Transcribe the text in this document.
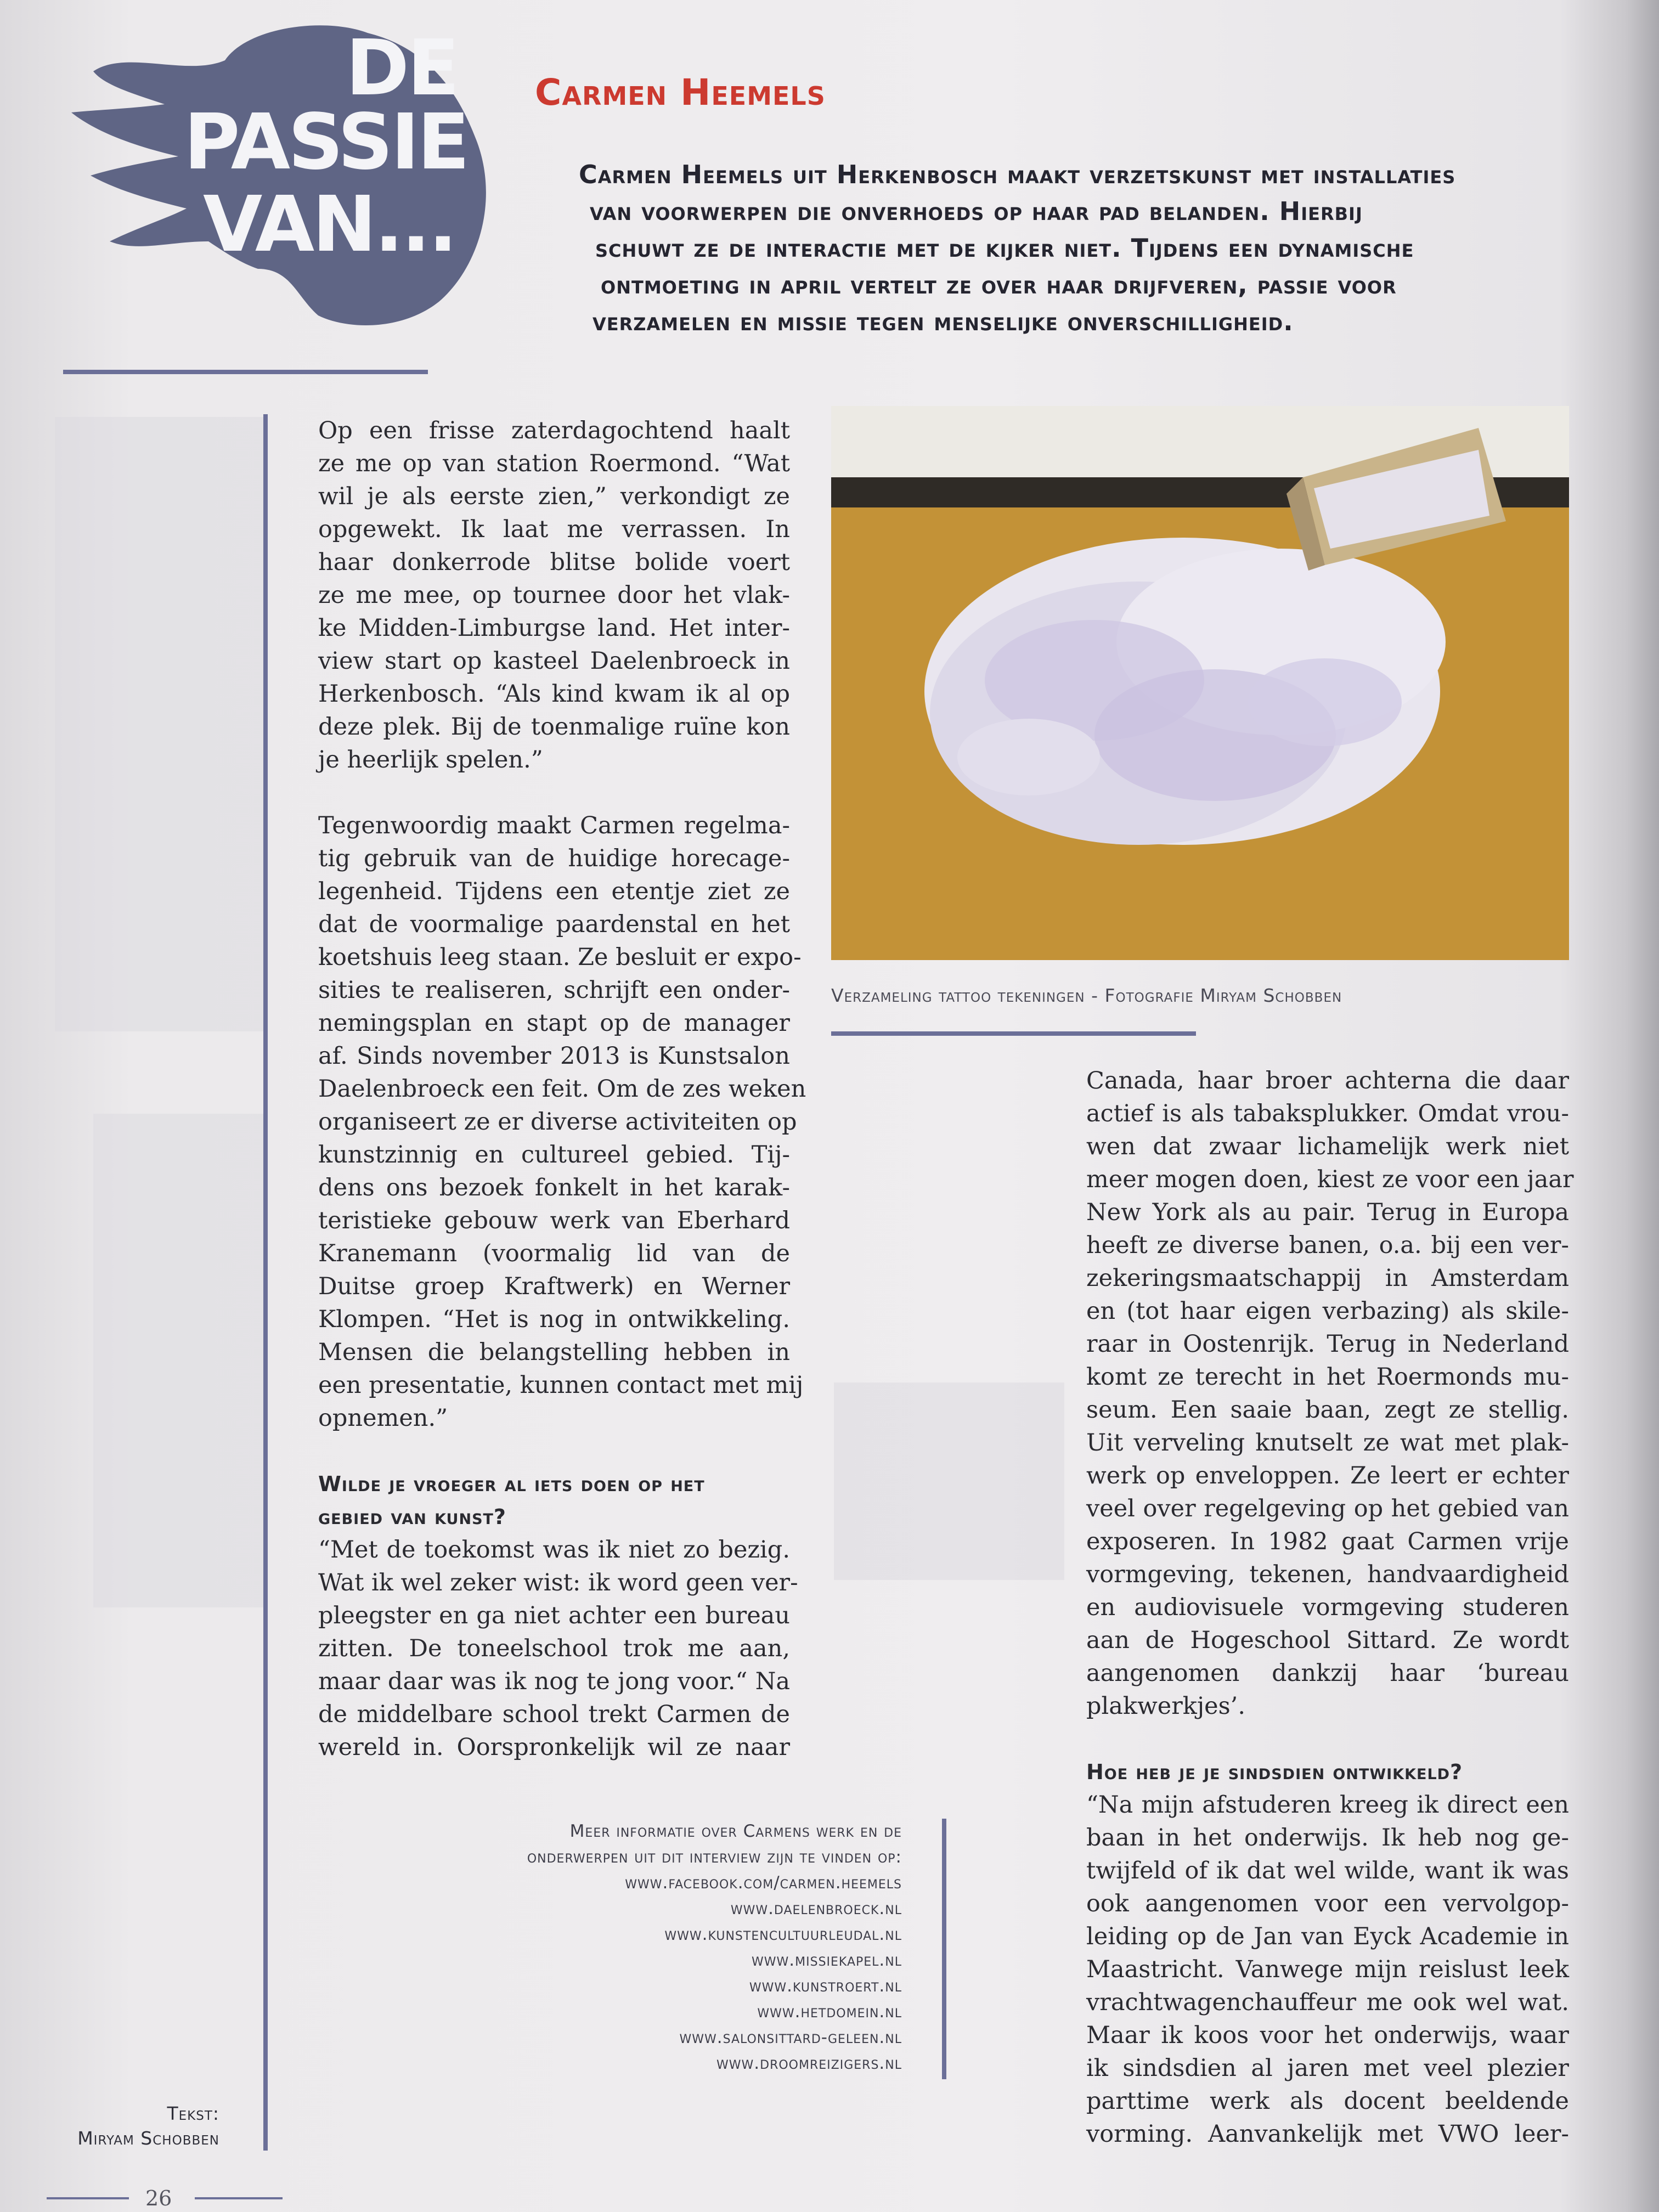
DE
PASSIE
VAN...
Carmen Heemels
Carmen Heemels uit Herkenbosch maakt verzetskunst met installaties
van voorwerpen die onverhoeds op haar pad belanden. Hierbij
schuwt ze de interactie met de kijker niet. Tijdens een dynamische
ontmoeting in april vertelt ze over haar drijfveren, passie voor
verzamelen en missie tegen menselijke onverschilligheid.
Op een frisse zaterdagochtend haalt
ze me op van station Roermond. “Wat
wil je als eerste zien,” verkondigt ze
opgewekt. Ik laat me verrassen. In
haar donkerrode blitse bolide voert
ze me mee, op tournee door het vlak-
ke Midden-Limburgse land. Het inter-
view start op kasteel Daelenbroeck in
Herkenbosch. “Als kind kwam ik al op
deze plek. Bij de toenmalige ruïne kon
je heerlijk spelen.”
Tegenwoordig maakt Carmen regelma-
tig gebruik van de huidige horecage-
legenheid. Tijdens een etentje ziet ze
dat de voormalige paardenstal en het
koetshuis leeg staan. Ze besluit er expo-
sities te realiseren, schrijft een onder-
nemingsplan en stapt op de manager
af. Sinds november 2013 is Kunstsalon
Daelenbroeck een feit. Om de zes weken
organiseert ze er diverse activiteiten op
kunstzinnig en cultureel gebied. Tij-
dens ons bezoek fonkelt in het karak-
teristieke gebouw werk van Eberhard
Kranemann (voormalig lid van de
Duitse groep Kraftwerk) en Werner
Klompen. “Het is nog in ontwikkeling.
Mensen die belangstelling hebben in
een presentatie, kunnen contact met mij
opnemen.”
Wilde je vroeger al iets doen op het
gebied van kunst?
“Met de toekomst was ik niet zo bezig.
Wat ik wel zeker wist: ik word geen ver-
pleegster en ga niet achter een bureau
zitten. De toneelschool trok me aan,
maar daar was ik nog te jong voor.“ Na
de middelbare school trekt Carmen de
wereld in. Oorspronkelijk wil ze naar
Verzameling tattoo tekeningen - Fotografie Miryam Schobben
Canada, haar broer achterna die daar
actief is als tabaksplukker. Omdat vrou-
wen dat zwaar lichamelijk werk niet
meer mogen doen, kiest ze voor een jaar
New York als au pair. Terug in Europa
heeft ze diverse banen, o.a. bij een ver-
zekeringsmaatschappij in Amsterdam
en (tot haar eigen verbazing) als skile-
raar in Oostenrijk. Terug in Nederland
komt ze terecht in het Roermonds mu-
seum. Een saaie baan, zegt ze stellig.
Uit verveling knutselt ze wat met plak-
werk op enveloppen. Ze leert er echter
veel over regelgeving op het gebied van
exposeren. In 1982 gaat Carmen vrije
vormgeving, tekenen, handvaardigheid
en audiovisuele vormgeving studeren
aan de Hogeschool Sittard. Ze wordt
aangenomen dankzij haar ‘bureau
plakwerkjes’.
Hoe heb je je sindsdien ontwikkeld?
“Na mijn afstuderen kreeg ik direct een
baan in het onderwijs. Ik heb nog ge-
twijfeld of ik dat wel wilde, want ik was
ook aangenomen voor een vervolgop-
leiding op de Jan van Eyck Academie in
Maastricht. Vanwege mijn reislust leek
vrachtwagenchauffeur me ook wel wat.
Maar ik koos voor het onderwijs, waar
ik sindsdien al jaren met veel plezier
parttime werk als docent beeldende
vorming. Aanvankelijk met VWO leer-
Meer informatie over Carmens werk en de
onderwerpen uit dit interview zijn te vinden op:
www.facebook.com/carmen.heemels
www.daelenbroeck.nl
www.kunstencultuurleudal.nl
www.missiekapel.nl
www.kunstroert.nl
www.hetdomein.nl
www.salonsittard-geleen.nl
www.droomreizigers.nl
Tekst:
Miryam Schobben
26
